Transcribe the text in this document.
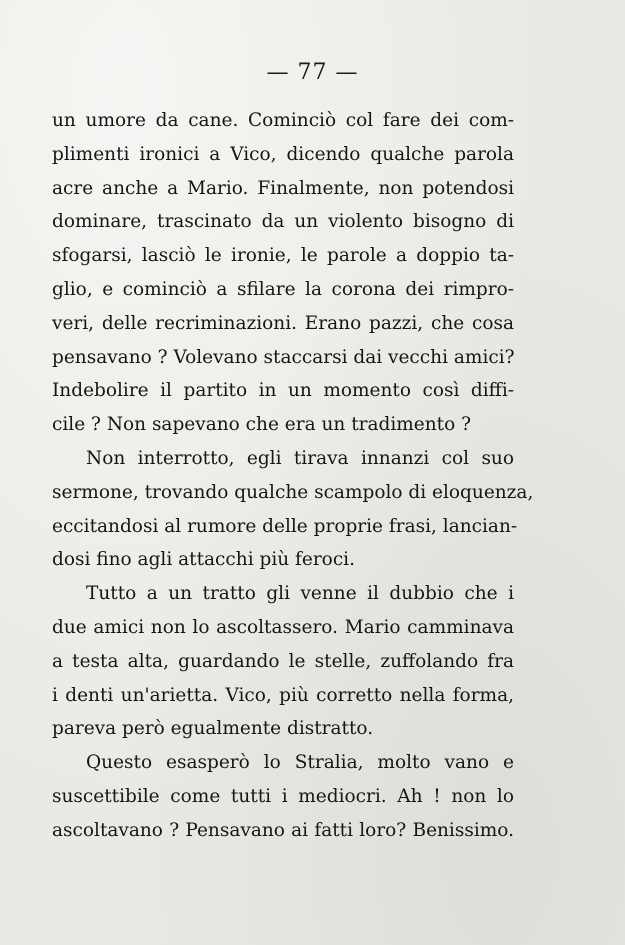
— 77 —
un umore da cane. Cominciò col fare dei com-
plimenti ironici a Vico, dicendo qualche parola
acre anche a Mario. Finalmente, non potendosi
dominare, trascinato da un violento bisogno di
sfogarsi, lasciò le ironie, le parole a doppio ta-
glio, e cominciò a sfilare la corona dei rimpro-
veri, delle recriminazioni. Erano pazzi, che cosa
pensavano ? Volevano staccarsi dai vecchi amici?
Indebolire il partito in un momento così diffi-
cile ? Non sapevano che era un tradimento ?
Non interrotto, egli tirava innanzi col suo
sermone, trovando qualche scampolo di eloquenza,
eccitandosi al rumore delle proprie frasi, lancian-
dosi fino agli attacchi più feroci.
Tutto a un tratto gli venne il dubbio che i
due amici non lo ascoltassero. Mario camminava
a testa alta, guardando le stelle, zuffolando fra
i denti un'arietta. Vico, più corretto nella forma,
pareva però egualmente distratto.
Questo esasperò lo Stralia, molto vano e
suscettibile come tutti i mediocri. Ah ! non lo
ascoltavano ? Pensavano ai fatti loro? Benissimo.
